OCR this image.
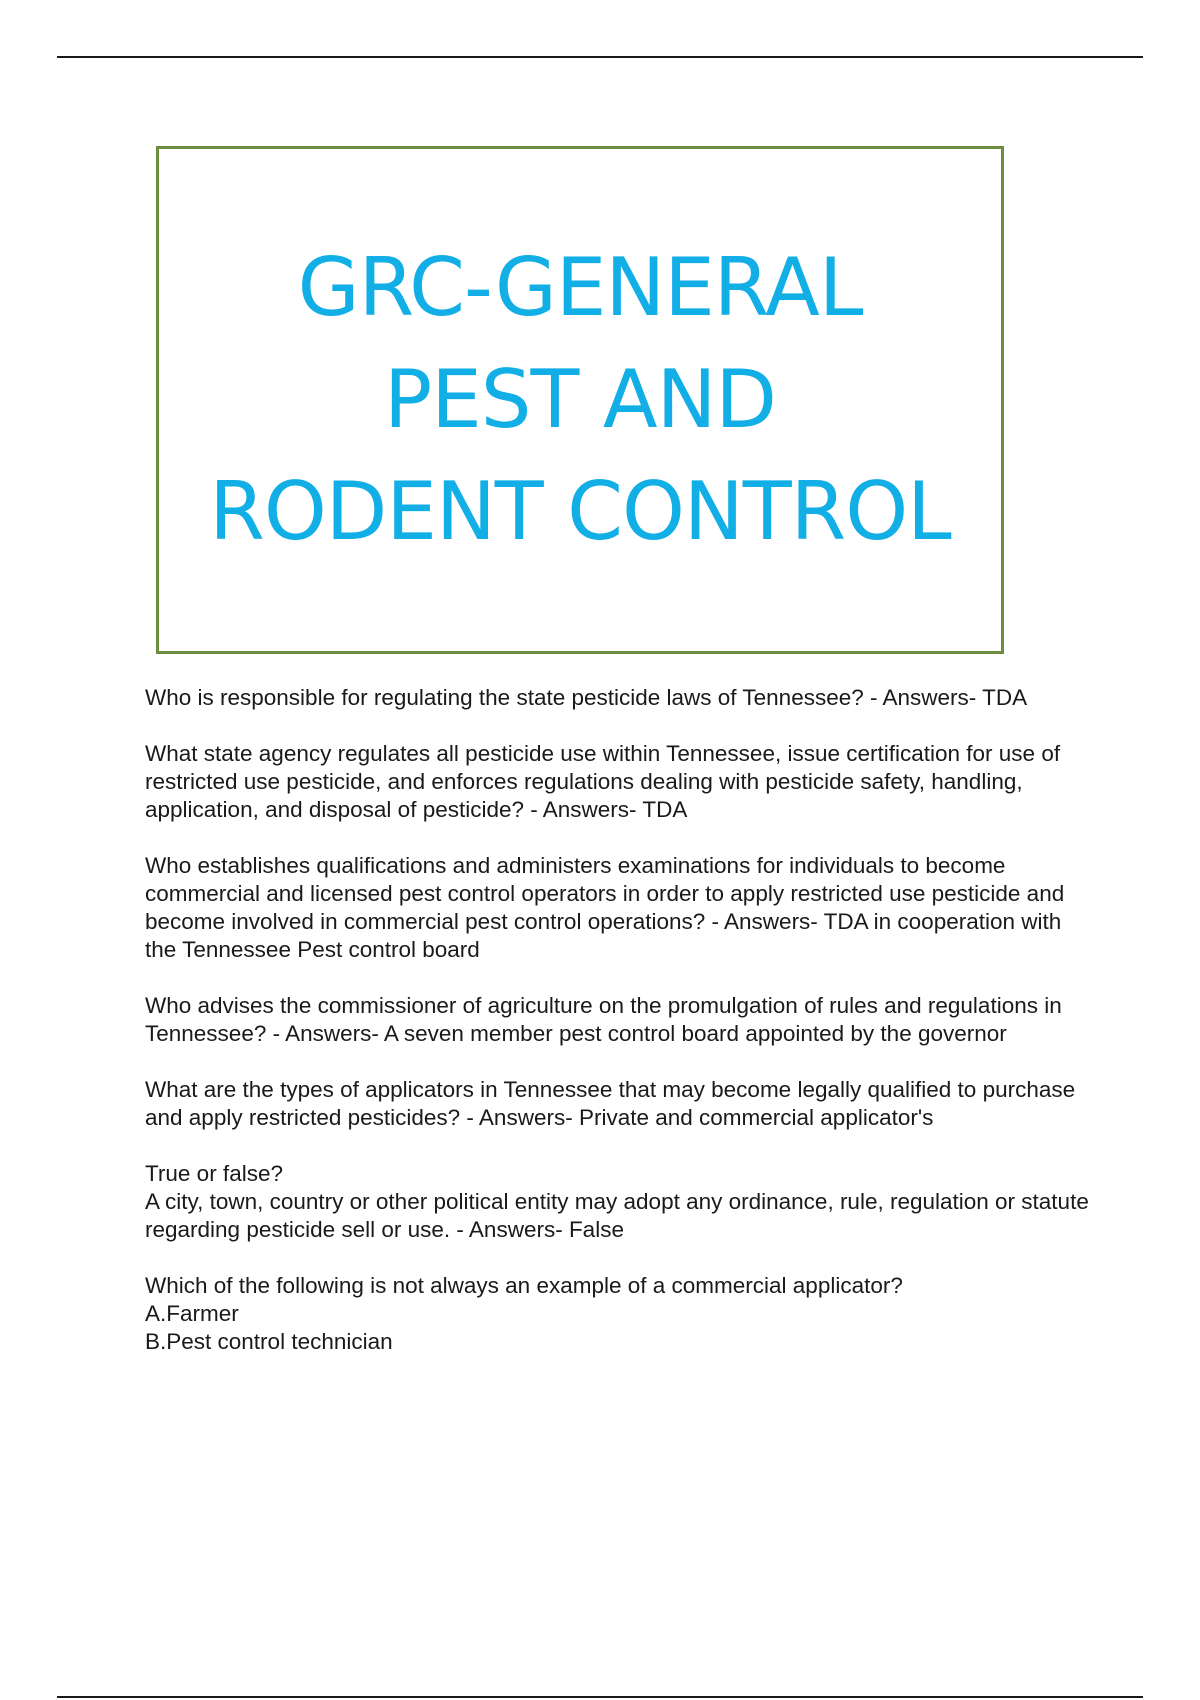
GRC-GENERAL
PEST AND
RODENT CONTROL

Who is responsible for regulating the state pesticide laws of Tennessee? - Answers- TDA

What state agency regulates all pesticide use within Tennessee, issue certification for use of restricted use pesticide, and enforces regulations dealing with pesticide safety, handling, application, and disposal of pesticide? - Answers- TDA

Who establishes qualifications and administers examinations for individuals to become commercial and licensed pest control operators in order to apply restricted use pesticide and become involved in commercial pest control operations? - Answers- TDA in cooperation with the Tennessee Pest control board

Who advises the commissioner of agriculture on the promulgation of rules and regulations in Tennessee? - Answers- A seven member pest control board appointed by the governor

What are the types of applicators in Tennessee that may become legally qualified to purchase and apply restricted pesticides? - Answers- Private and commercial applicator's

True or false?

A city, town, country or other political entity may adopt any ordinance, rule, regulation or statute regarding pesticide sell or use. - Answers- False

Which of the following is not always an example of a commercial applicator?

A.Farmer

B.Pest control technician
